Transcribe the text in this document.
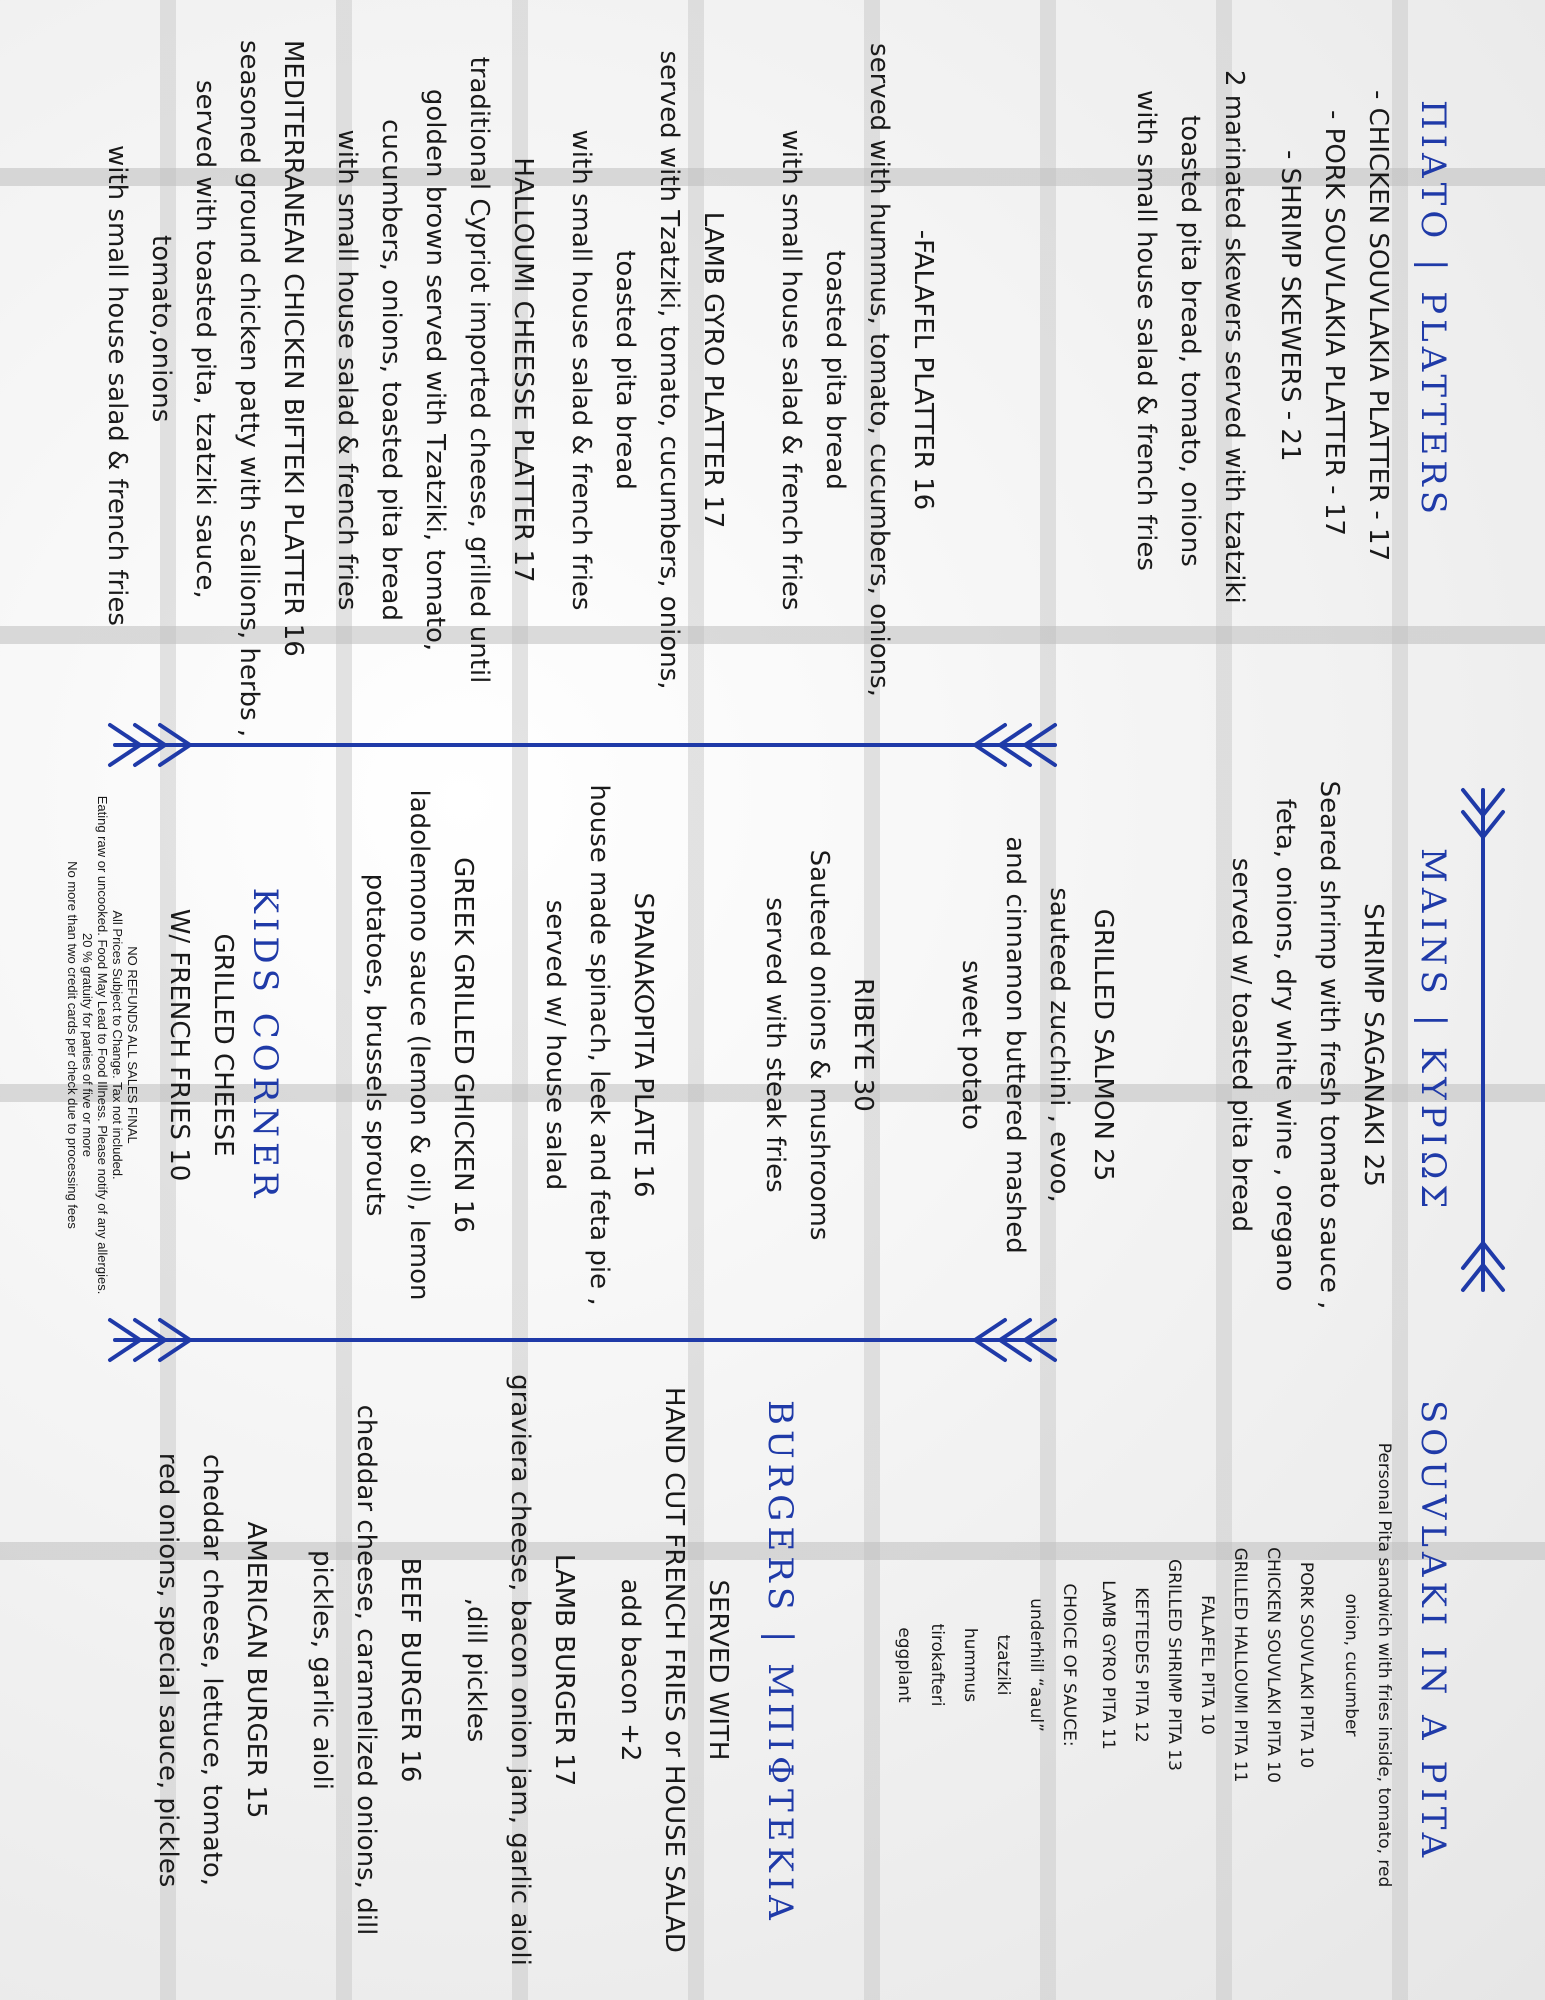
ΠΙΑΤΟ | PLATTERS
- CHICKEN SOUVLAKIA PLATTER - 17
- PORK SOUVLAKIA PLATTER - 17
- SHRIMP SKEWERS - 21
2 marinated skewers served with tzatziki
toasted pita bread, tomato, onions
with small house salad & french fries
-FALAFEL PLATTER 16
served with hummus, tomato, cucumbers, onions,
toasted pita bread
with small house salad & french fries
LAMB GYRO PLATTER 17
served with Tzatziki, tomato, cucumbers, onions,
toasted pita bread
with small house salad & french fries
HALLOUMI CHEESSE PLATTER 17
traditional Cypriot imported cheese, grilled until
golden brown served with Tzatziki, tomato,
cucumbers, onions, toasted pita bread
with small house salad & french fries
MEDITERRANEAN CHICKEN BIFTEKI PLATTER 16
seasoned ground chicken patty with scallions, herbs ,
served with toasted pita, tzatziki sauce,
tomato,onions
with small house salad & french fries
MAINS | ΚΥΡΙΩΣ
SHRIMP SAGANAKI 25
Seared shrimp with fresh tomato sauce ,
feta, onions, dry white wine , oregano
served w/ toasted pita bread
GRILLED SALMON 25
sauteed zucchini , evoo,
and cinnamon buttered mashed
sweet potato
RIBEYE 30
Sauteed onions & mushrooms
served with steak fries
SPANAKOPITA PLATE 16
house made spinach, leek and feta pie ,
served w/ house salad
GREEK GRILLED GHICKEN 16
ladolemono sauce (lemon & oil), lemon
potatoes, brussels sprouts
KIDS CORNER
GRILLED CHEESE
W/ FRENCH FRIES 10
NO REFUNDS ALL SALES FINAL
All Prices Subject to Change. Tax not included.
Eating raw or uncooked. Food May Lead to Food Illness. Please notify of any allergies.
20 % gratuity for parties of five or more
No more than two credit cards per check due to processing fees
SOUVLAKI IN A PITA
Personal Pita sandwich with fries inside, tomato, red
onion, cucumber
PORK SOUVLAKI PITA 10
CHICKEN SOUVLAKI PITA 10
GRILLED HALLOUMI PITA 11
FALAFEL PITA 10
GRILLED SHRIMP PITA 13
KEFTEDES PITA 12
LAMB GYRO PITA 11
CHOICE OF SAUCE:
underhill “aaul”
tzatziki
hummus
tirokafteri
eggplant
BURGERS | ΜΠΙΦΤΕΚΙΑ
SERVED WITH
HAND CUT FRENCH FRIES or HOUSE SALAD
add bacon +2
LAMB BURGER 17
graviera cheese, bacon onion jam, garlic aioli
,dill pickles
BEEF BURGER 16
cheddar cheese, caramelized onions, dill
pickles, garlic aioli
AMERICAN BURGER 15
cheddar cheese, lettuce, tomato,
red onions, special sauce, pickles
